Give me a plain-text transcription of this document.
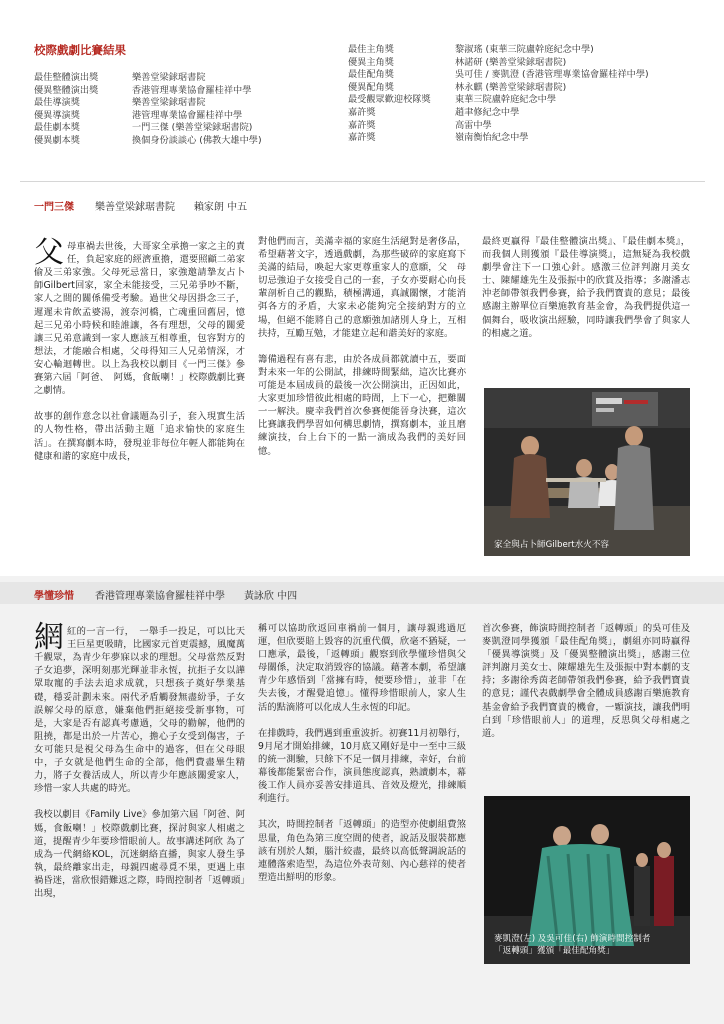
校際戲劇比賽結果
最佳整體演出獎	樂善堂梁銶琚書院
優異整體演出獎	香港管理專業協會羅桂祥中學
最佳導演獎	樂善堂梁銶琚書院
優異導演獎	港管理專業協會羅桂祥中學
最佳劇本獎	一門三傑 (樂善堂梁銶琚書院)
優異劇本獎	換個身份談談心 (佛教大雄中學)
最佳主角獎	黎淑瑤 (東華三院盧幹庭紀念中學)
優異主角獎	林諾研 (樂善堂梁銶琚書院)
最佳配角獎	吳可佳 / 麥凱澄 (香港管理專業協會羅桂祥中學)
優異配角獎	林永麒 (樂善堂梁銶琚書院)
最受觀眾歡迎校隊獎	東華三院盧幹庭紀念中學
嘉許獎	趙聿修紀念中學
嘉許獎	高雷中學
嘉許獎	嶺南衡怡紀念中學
一門三傑 樂善堂梁銶琚書院 賴家朗 中五

父母車禍去世後，大哥家全承擔一家之主的責任，負起家庭的經濟重擔，還要照顧二弟家偷及三弟家強。父母死忌當日，家強邀請摯友占卜師Gilbert回家，家全未能接受，三兄弟爭吵不斷，家人之間的關係備受考驗。過世父母因掛念三子，遲遲未肯飲孟婆湯，渡奈河橋，亡魂重回舊居，憶起三兄弟小時候和睦誰讓，各有理想，父母的關愛讓三兄弟意識到一家人應該互相尊重，包容對方的想法，才能融合相處，父母得知三人兄弟情深，才安心輪迴轉世。以上為我校以劇目《一門三傑》參賽第六屆「阿爸、　阿媽，食飯喇！」校際戲劇比賽之劇情。

故事的創作意念以社會議題為引子，套入現實生活的人物性格，帶出活動主題「追求愉快的家庭生活」。在撰寫劇本時，發現並非每位年輕人都能夠在健康和諧的家庭中成長，

對他們而言，美滿幸福的家庭生活絕對是奢侈品，希望藉著文字，透過戲劇，為那些破碎的家庭寫下美滿的結局，喚起大家更尊重家人的意願，父　母切忌強迫子女接受自己的一套，子女亦要耐心向長輩剖析自己的觀點，積極溝通，真誠關懷，才能消弭各方的矛盾，大家未必能夠完全接納對方的立場，但絕不能將自己的意願強加諸別人身上，互相扶持，互勵互勉，才能建立起和諧美好的家庭。

籌備過程有喜有悲，由於各成員都就讀中五，要面對未來一年的公開試，排練時間緊絀，這次比賽亦可能是本屆成員的最後一次公開演出，正因如此，大家更加珍惜彼此相處的時間，上下一心，把難關一一解決。慶幸我們首次參賽便能晉身決賽，這次比賽讓我們學習如何構思劇情，撰寫劇本，並且磨練演技，台上台下的一點一滴成為我們的美好回憶。
最終更贏得『最佳整體演出獎』、『最佳劇本獎』，而我個人則獲頒『最佳導演獎』，這無疑為我校戲劇學會注下一口強心針。感激三位評判謝月美女士、陳耀雄先生及張振中的欣賞及指導；多謝潘志沖老師帶領我們參賽，給予我們寶貴的意見；最後感謝主辦單位百樂施教育基金會，為我們提供這一個舞台，吸收演出經驗，同時讓我們學會了與家人的相處之道。
家全與占卜師Gilbert水火不容
學懂珍惜 香港管理專業協會羅桂祥中學 黃詠欣 中四

網紅的一言一行，　一舉手一投足，可以比天王巨星更吸睛，比國家元首更震撼，風魔萬千觀眾，為青少年夢寐以求的理想。父母當然反對子女追夢，深明刻那光輝並非永恆，抗拒子女以譁眾取寵的手法去追求成就，只想孩子奠好學業基礎，穩妥計劃未來。兩代矛盾觸發無盡紛爭，子女誤解父母的原意，嫌棄他們拒絕接受新事物，可是，大家是否有認真考慮過，父母的勸解，他們的阻撓，都是出於一片苦心，擔心子女受到傷害，子女可能只是視父母為生命中的過客，但在父母眼中，子女就是他們生命的全部，他們費盡畢生精力，將子女養活成人，所以青少年應該關愛家人，珍惜一家人共處的時光。

我校以劇目《Family Live》參加第六屆「阿爸、阿媽，食飯喇！」校際戲劇比賽，探討與家人相處之道，提醒青少年要珍惜眼前人。故事講述阿欣 為了成為一代網絡KOL，沉迷網絡直播，與家人發生爭執，最終離家出走，母親四處尋覓不果，更遇上車禍昏迷，當欣恨錯難返之際，時間控制者「返轉頭」出現，

稱可以協助欣返回車禍前一個月，讓母親逃過厄運，但欣要賠上毀容的沉重代價，欣毫不猶疑，一口應承，最後，「返轉頭」觀察到欣學懂珍惜與父母關係，決定取消毀容的協議。藉著本劇，希望讓青少年感悟到「當擁有時，便要珍惜」，並非「在失去後，才醒覺追憶」。懂得珍惜眼前人，家人生活的點滴將可以化成人生永恆的印記。

在排戲時，我們遇到重重波折。初賽11月初舉行，9月尾才開始排練，10月底又剛好是中一至中三級的統一測驗，只餘下不足一個月排練，幸好，台前幕後都能緊密合作，演員態度認真，熟讀劇本，幕後工作人員亦妥善安排道具、音效及燈光，排練順利進行。

其次，時間控制者「返轉頭」的造型亦使劇組費煞思量，角色為第三度空間的使者，說話及服裝都應該有別於人類，腦汁絞盡，最終以高低聲調說話的連體落索造型，為這位外表苛刻、內心慈祥的使者塑造出鮮明的形象。
首次參賽，飾演時間控制者「返轉頭」的吳可佳及麥凱澄同學獲頒「最佳配角獎」，劇組亦同時贏得「優異導演獎」及「優異整體演出獎」，感謝三位評判謝月美女士、陳耀雄先生及張振中對本劇的支持；多謝徐秀茵老師帶領我們參賽，給予我們寶貴的意見；謹代表戲劇學會全體成員感謝百樂施教育基金會給予我們寶貴的機會，一顆演技，讓我們明白到「珍惜眼前人」的道理，反思與父母相處之道。
麥凱澄(左) 及吳可佳(右) 飾演時間控制者
「返轉頭」獲頒「最佳配角獎」
